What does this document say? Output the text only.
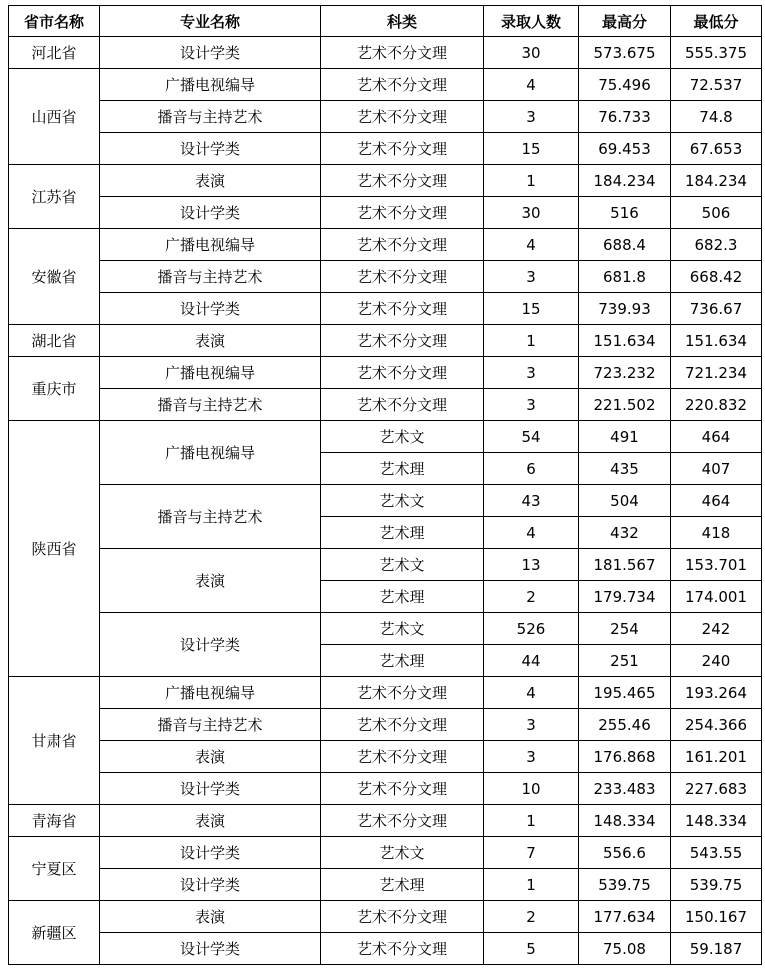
省市名称	专业名称	科类	录取人数	最高分	最低分
河北省	设计学类	艺术不分文理	30	573.675	555.375
山西省	广播电视编导	艺术不分文理	4	75.496	72.537
	播音与主持艺术	艺术不分文理	3	76.733	74.8
	设计学类	艺术不分文理	15	69.453	67.653
江苏省	表演	艺术不分文理	1	184.234	184.234
	设计学类	艺术不分文理	30	516	506
安徽省	广播电视编导	艺术不分文理	4	688.4	682.3
	播音与主持艺术	艺术不分文理	3	681.8	668.42
	设计学类	艺术不分文理	15	739.93	736.67
湖北省	表演	艺术不分文理	1	151.634	151.634
重庆市	广播电视编导	艺术不分文理	3	723.232	721.234
	播音与主持艺术	艺术不分文理	3	221.502	220.832
陕西省	广播电视编导	艺术文	54	491	464
		艺术理	6	435	407
	播音与主持艺术	艺术文	43	504	464
		艺术理	4	432	418
	表演	艺术文	13	181.567	153.701
		艺术理	2	179.734	174.001
	设计学类	艺术文	526	254	242
		艺术理	44	251	240
甘肃省	广播电视编导	艺术不分文理	4	195.465	193.264
	播音与主持艺术	艺术不分文理	3	255.46	254.366
	表演	艺术不分文理	3	176.868	161.201
	设计学类	艺术不分文理	10	233.483	227.683
青海省	表演	艺术不分文理	1	148.334	148.334
宁夏区	设计学类	艺术文	7	556.6	543.55
	设计学类	艺术理	1	539.75	539.75
新疆区	表演	艺术不分文理	2	177.634	150.167
	设计学类	艺术不分文理	5	75.08	59.187
